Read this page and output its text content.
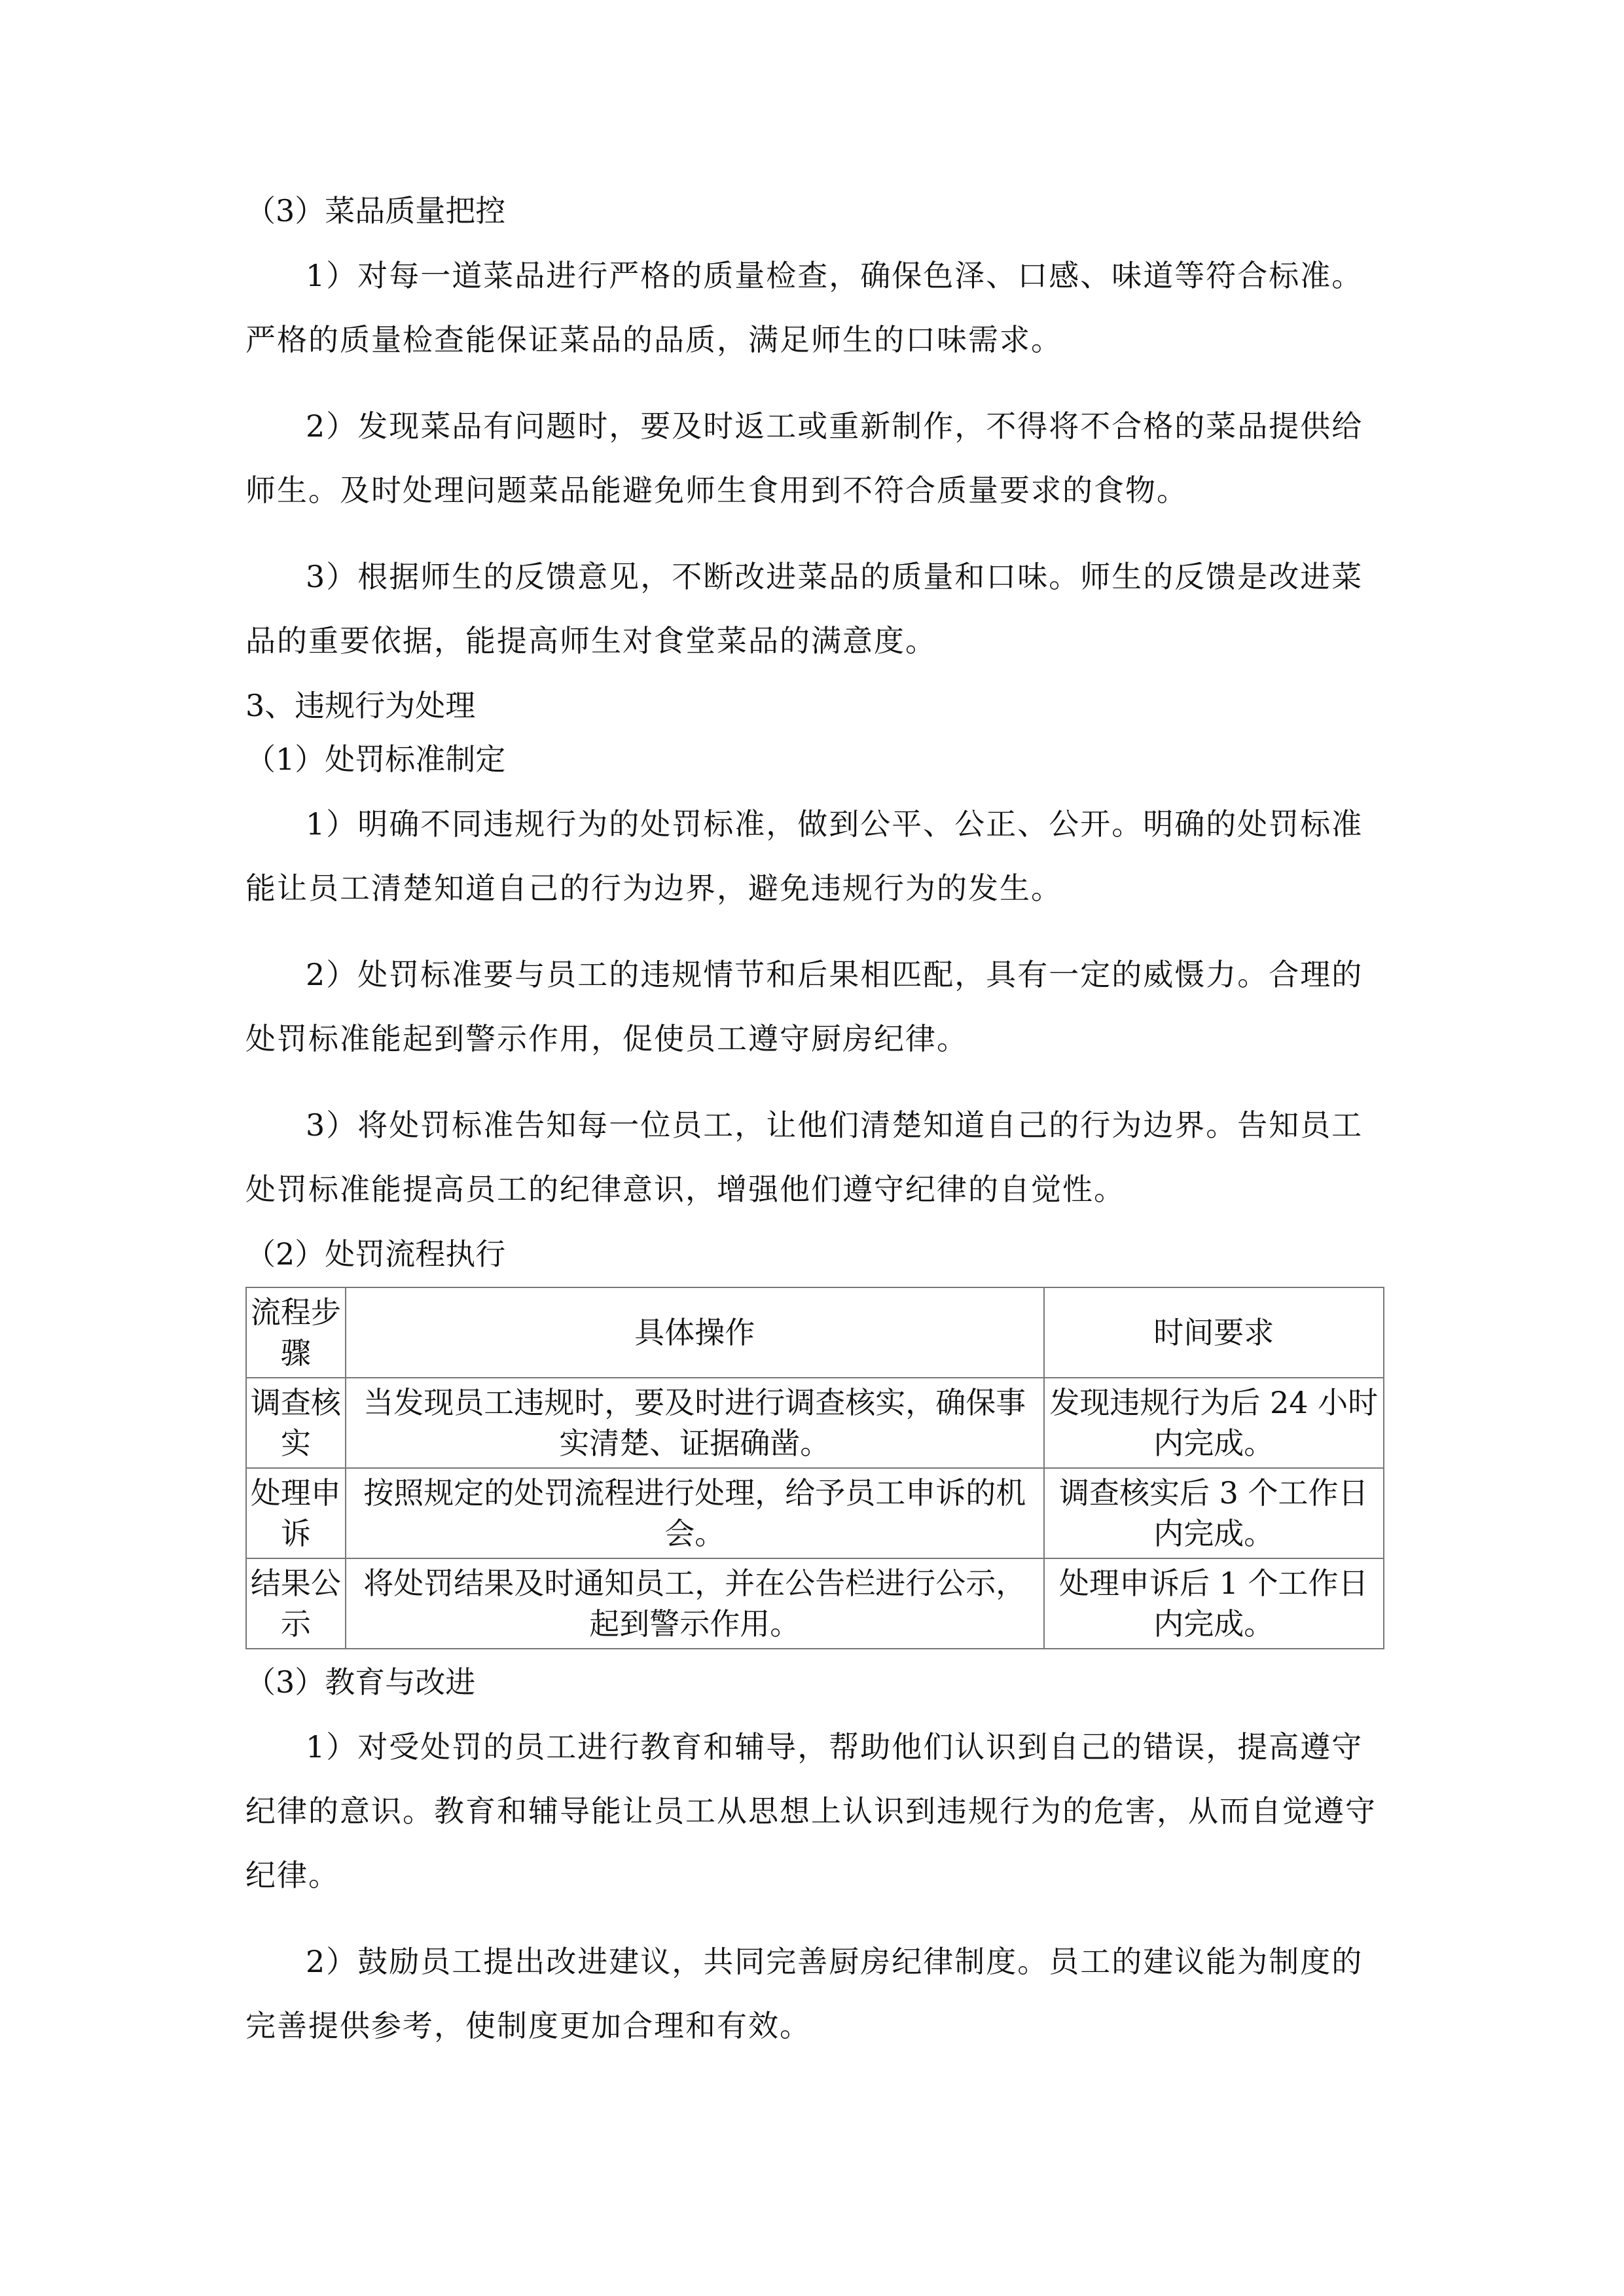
（3）菜品质量把控

1）对每一道菜品进行严格的质量检查，确保色泽、口感、味道等符合标准。严格的质量检查能保证菜品的品质，满足师生的口味需求。

2）发现菜品有问题时，要及时返工或重新制作，不得将不合格的菜品提供给师生。及时处理问题菜品能避免师生食用到不符合质量要求的食物。

3）根据师生的反馈意见，不断改进菜品的质量和口味。师生的反馈是改进菜品的重要依据，能提高师生对食堂菜品的满意度。

3、违规行为处理

（1）处罚标准制定

1）明确不同违规行为的处罚标准，做到公平、公正、公开。明确的处罚标准能让员工清楚知道自己的行为边界，避免违规行为的发生。

2）处罚标准要与员工的违规情节和后果相匹配，具有一定的威慑力。合理的处罚标准能起到警示作用，促使员工遵守厨房纪律。

3）将处罚标准告知每一位员工，让他们清楚知道自己的行为边界。告知员工处罚标准能提高员工的纪律意识，增强他们遵守纪律的自觉性。

（2）处罚流程执行

流程步骤	具体操作	时间要求
调查核实	当发现员工违规时，要及时进行调查核实，确保事实清楚、证据确凿。	发现违规行为后 24 小时内完成。
处理申诉	按照规定的处罚流程进行处理，给予员工申诉的机会。	调查核实后 3 个工作日内完成。
结果公示	将处罚结果及时通知员工，并在公告栏进行公示，起到警示作用。	处理申诉后 1 个工作日内完成。

（3）教育与改进

1）对受处罚的员工进行教育和辅导，帮助他们认识到自己的错误，提高遵守纪律的意识。教育和辅导能让员工从思想上认识到违规行为的危害，从而自觉遵守纪律。

2）鼓励员工提出改进建议，共同完善厨房纪律制度。员工的建议能为制度的完善提供参考，使制度更加合理和有效。
